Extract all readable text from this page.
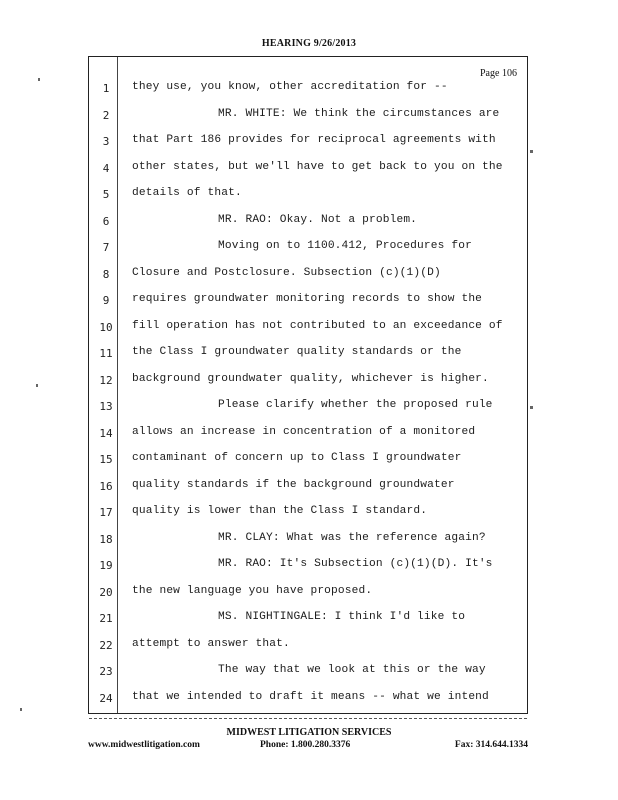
HEARING 9/26/2013
Page 106
1	they use, you know, other accreditation for --
2	MR. WHITE: We think the circumstances are
3	that Part 186 provides for reciprocal agreements with
4	other states, but we'll have to get back to you on the
5	details of that.
6	MR. RAO: Okay. Not a problem.
7	Moving on to 1100.412, Procedures for
8	Closure and Postclosure. Subsection (c)(1)(D)
9	requires groundwater monitoring records to show the
10	fill operation has not contributed to an exceedance of
11	the Class I groundwater quality standards or the
12	background groundwater quality, whichever is higher.
13	Please clarify whether the proposed rule
14	allows an increase in concentration of a monitored
15	contaminant of concern up to Class I groundwater
16	quality standards if the background groundwater
17	quality is lower than the Class I standard.
18	MR. CLAY: What was the reference again?
19	MR. RAO: It's Subsection (c)(1)(D). It's
20	the new language you have proposed.
21	MS. NIGHTINGALE: I think I'd like to
22	attempt to answer that.
23	The way that we look at this or the way
24	that we intended to draft it means -- what we intend
MIDWEST LITIGATION SERVICES
www.midwestlitigation.com	Phone: 1.800.280.3376	Fax: 314.644.1334
